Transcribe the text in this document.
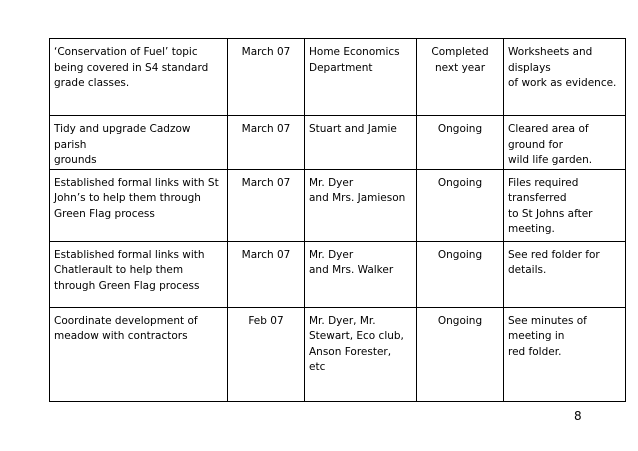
‘Conservation of Fuel’ topic
being covered in S4 standard
grade classes.	March 07	Home Economics
Department	Completed
next year	Worksheets and displays
of work as evidence.

Tidy and upgrade Cadzow parish
grounds	March 07	Stuart and Jamie	Ongoing	Cleared area of ground for
wild life garden.

Established formal links with St
John’s to help them through
Green Flag process	March 07	Mr. Dyer
and Mrs. Jamieson	Ongoing	Files required transferred
to St Johns after meeting.

Established formal links with
Chatlerault to help them
through Green Flag process	March 07	Mr. Dyer
and Mrs. Walker	Ongoing	See red folder for details.

Coordinate development of
meadow with contractors	Feb 07	Mr. Dyer, Mr.
Stewart, Eco club,
Anson Forester,
etc	Ongoing	See minutes of meeting in
red folder.
8
